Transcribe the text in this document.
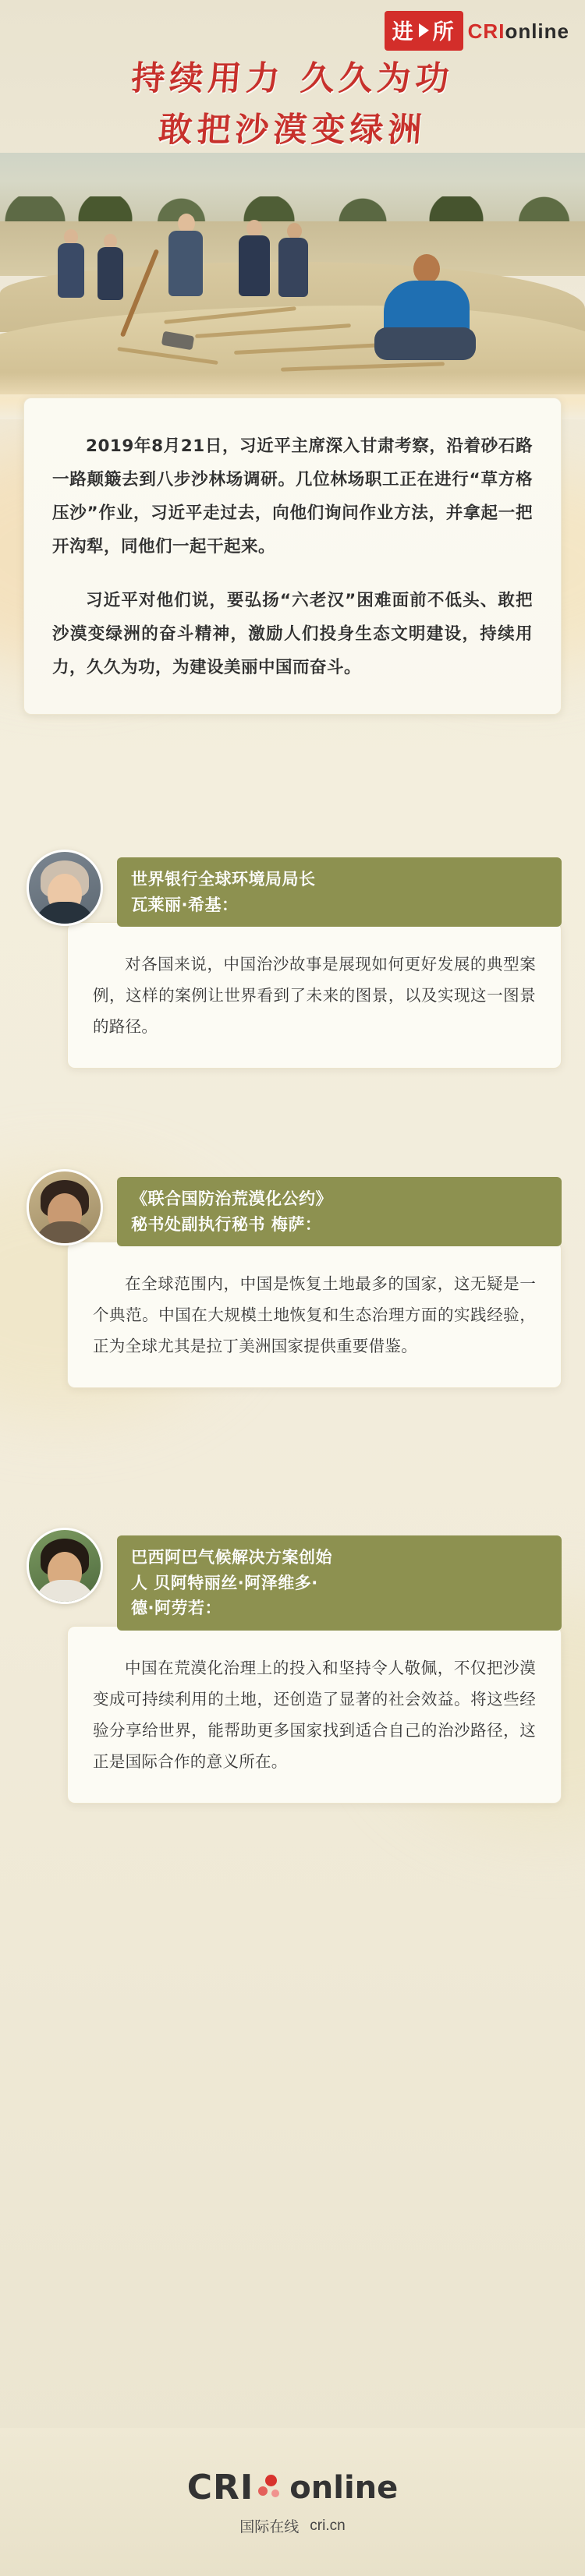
进 所 CRIonline
持续用力 久久为功
敢把沙漠变绿洲

2019年8月21日，习近平主席深入甘肃考察，沿着砂石路一路颠簸去到八步沙林场调研。几位林场职工正在进行“草方格压沙”作业，习近平走过去，向他们询问作业方法，并拿起一把开沟犁，同他们一起干起来。

习近平对他们说，要弘扬“六老汉”困难面前不低头、敢把沙漠变绿洲的奋斗精神，激励人们投身生态文明建设，持续用力，久久为功，为建设美丽中国而奋斗。

世界银行全球环境局局长
瓦莱丽·希基：

对各国来说，中国治沙故事是展现如何更好发展的典型案例，这样的案例让世界看到了未来的图景，以及实现这一图景的路径。

《联合国防治荒漠化公约》
秘书处副执行秘书 梅萨：

在全球范围内，中国是恢复土地最多的国家，这无疑是一个典范。中国在大规模土地恢复和生态治理方面的实践经验，正为全球尤其是拉丁美洲国家提供重要借鉴。

巴西阿巴气候解决方案创始
人 贝阿特丽丝·阿泽维多·
德·阿劳若：

中国在荒漠化治理上的投入和坚持令人敬佩，不仅把沙漠变成可持续利用的土地，还创造了显著的社会效益。将这些经验分享给世界，能帮助更多国家找到适合自己的治沙路径，这正是国际合作的意义所在。

CRI online
国际在线 cri.cn
